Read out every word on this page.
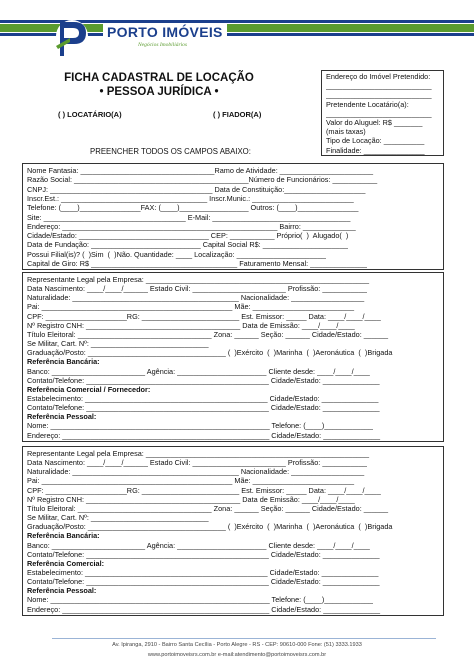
PORTO IMÓVEIS
Negócios Imobiliários
FICHA CADASTRAL DE LOCAÇÃO
• PESSOA JURÍDICA •
( ) LOCATÁRIO(A)	( ) FIADOR(A)
Endereço do Imóvel Pretendido:
__________________________
__________________________
Pretendente Locatário(a):
__________________________
Valor do Aluguel: R$ _______
(mais taxas)
Tipo de Locação: __________
Finalidade: _______________
PREENCHER TODOS OS CAMPOS ABAIXO:
Nome Fantasia: _________________________________Ramo de Atividade: _______________________
Razão Social: ___________________________________________Número de Funcionários: ___________
CNPJ: ________________________________________ Data de Constituição:____________________
Inscr.Est.: ____________________________________ Inscr.Munic.: _________________________
Telefone: (____)_______________FAX: (____)_________________ Outros: (____)_______________
Site: ___________________________________ E-Mail: __________________________________
Endereço: _____________________________________________________ Bairro: _____________
Cidade/Estado: ________________________________ CEP: ___________ Próprio(  )  Alugado(  )
Data de Fundação: ___________________________ Capital Social R$: _____________________
Possui Filial(is)? (  )Sim  (  )Não. Quantidade: ____ Localização: ______________________
Capital de Giro: R$ ____________________________________ Faturamento Mensal: ______________
Representante Legal pela Empresa: _______________________________________________________
Data Nascimento: ____/____/______ Estado Civil: _______________________ Profissão: ___________
Naturalidade: _________________________________________ Nacionalidade: __________________
Pai: _______________________________________________ Mãe: _________________________
CPF: ____________________RG: ________________________ Est. Emissor: _____ Data: ____/____/____
Nº Registro CNH: ______________________________________ Data de Emissão: ____/____/____
Título Eleitoral: _________________________________ Zona: ______ Seção: ______ Cidade/Estado: ______
Se Militar, Cart. Nº: _____________________________
Graduação/Posto: __________________________________ (  )Exército  (  )Marinha  (  )Aeronáutica  (  )Brigada
Referência Bancária:
Banco: _______________________ Agência: ______________________ Cliente desde: ____/____/____
Contato/Telefone: _____________________________________________ Cidade/Estado: ______________
Referência Comercial / Fornecedor:
Estabelecimento: _____________________________________________ Cidade/Estado: ______________
Contato/Telefone: _____________________________________________ Cidade/Estado: ______________
Referência Pessoal:
Nome: ______________________________________________________ Telefone: (____)____________
Endereço: ___________________________________________________ Cidade/Estado: ______________
Representante Legal pela Empresa: _______________________________________________________
Data Nascimento: ____/____/______ Estado Civil: _______________________ Profissão: ___________
Naturalidade: _________________________________________ Nacionalidade: __________________
Pai: _______________________________________________ Mãe: _________________________
CPF: ____________________RG: ________________________ Est. Emissor: _____ Data: ____/____/____
Nº Registro CNH: ______________________________________ Data de Emissão: ____/____/____
Título Eleitoral: _________________________________ Zona: ______ Seção: ______ Cidade/Estado: ______
Se Militar, Cart. Nº: _____________________________
Graduação/Posto: __________________________________ (  )Exército  (  )Marinha  (  )Aeronáutica  (  )Brigada
Referência Bancária:
Banco: _______________________ Agência: ______________________ Cliente desde: ____/____/____
Contato/Telefone: _____________________________________________ Cidade/Estado: ______________
Referência Comercial:
Estabelecimento: _____________________________________________ Cidade/Estado: ______________
Contato/Telefone: _____________________________________________ Cidade/Estado: ______________
Referência Pessoal:
Nome: ______________________________________________________ Telefone: (____)____________
Endereço: ___________________________________________________ Cidade/Estado: ______________
Av. Ipiranga, 2910 - Bairro Santa Cecília - Porto Alegre - RS - CEP: 90610-000 Fone: (51) 3333.1933
www.portoimoveisrs.com.br e-mail:atendimento@portoimoveisrs.com.br
